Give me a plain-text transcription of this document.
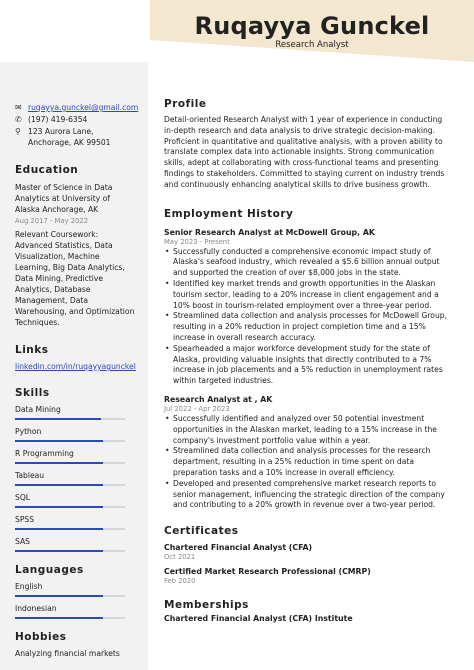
Ruqayya Gunckel
Research Analyst
✉ ruqayya.gunckel@gmail.com
✆ (197) 419-6354
⚲ 123 Aurora Lane, Anchorage, AK 99501
Education
Master of Science in Data Analytics at University of Alaska Anchorage, AK
Aug 2017 - May 2022
Relevant Coursework: Advanced Statistics, Data Visualization, Machine Learning, Big Data Analytics, Data Mining, Predictive Analytics, Database Management, Data Warehousing, and Optimization Techniques.
Links
linkedin.com/in/ruqayyagunckel
Skills
Data Mining
Python
R Programming
Tableau
SQL
SPSS
SAS
Languages
English
Indonesian
Hobbies
Analyzing financial markets
Profile
Detail-oriented Research Analyst with 1 year of experience in conducting in-depth research and data analysis to drive strategic decision-making. Proficient in quantitative and qualitative analysis, with a proven ability to translate complex data into actionable insights. Strong communication skills, adept at collaborating with cross-functional teams and presenting findings to stakeholders. Committed to staying current on industry trends and continuously enhancing analytical skills to drive business growth.
Employment History
Senior Research Analyst at McDowell Group, AK
May 2023 - Present
• Successfully conducted a comprehensive economic impact study of Alaska's seafood industry, which revealed a $5.6 billion annual output and supported the creation of over $8,000 jobs in the state.
• Identified key market trends and growth opportunities in the Alaskan tourism sector, leading to a 20% increase in client engagement and a 10% boost in tourism-related employment over a three-year period.
• Streamlined data collection and analysis processes for McDowell Group, resulting in a 20% reduction in project completion time and a 15% increase in overall research accuracy.
• Spearheaded a major workforce development study for the state of Alaska, providing valuable insights that directly contributed to a 7% increase in job placements and a 5% reduction in unemployment rates within targeted industries.
Research Analyst at , AK
Jul 2022 - Apr 2023
• Successfully identified and analyzed over 50 potential investment opportunities in the Alaskan market, leading to a 15% increase in the company's investment portfolio value within a year.
• Streamlined data collection and analysis processes for the research department, resulting in a 25% reduction in time spent on data preparation tasks and a 10% increase in overall efficiency.
• Developed and presented comprehensive market research reports to senior management, influencing the strategic direction of the company and contributing to a 20% growth in revenue over a two-year period.
Certificates
Chartered Financial Analyst (CFA)
Oct 2021
Certified Market Research Professional (CMRP)
Feb 2020
Memberships
Chartered Financial Analyst (CFA) Institute
